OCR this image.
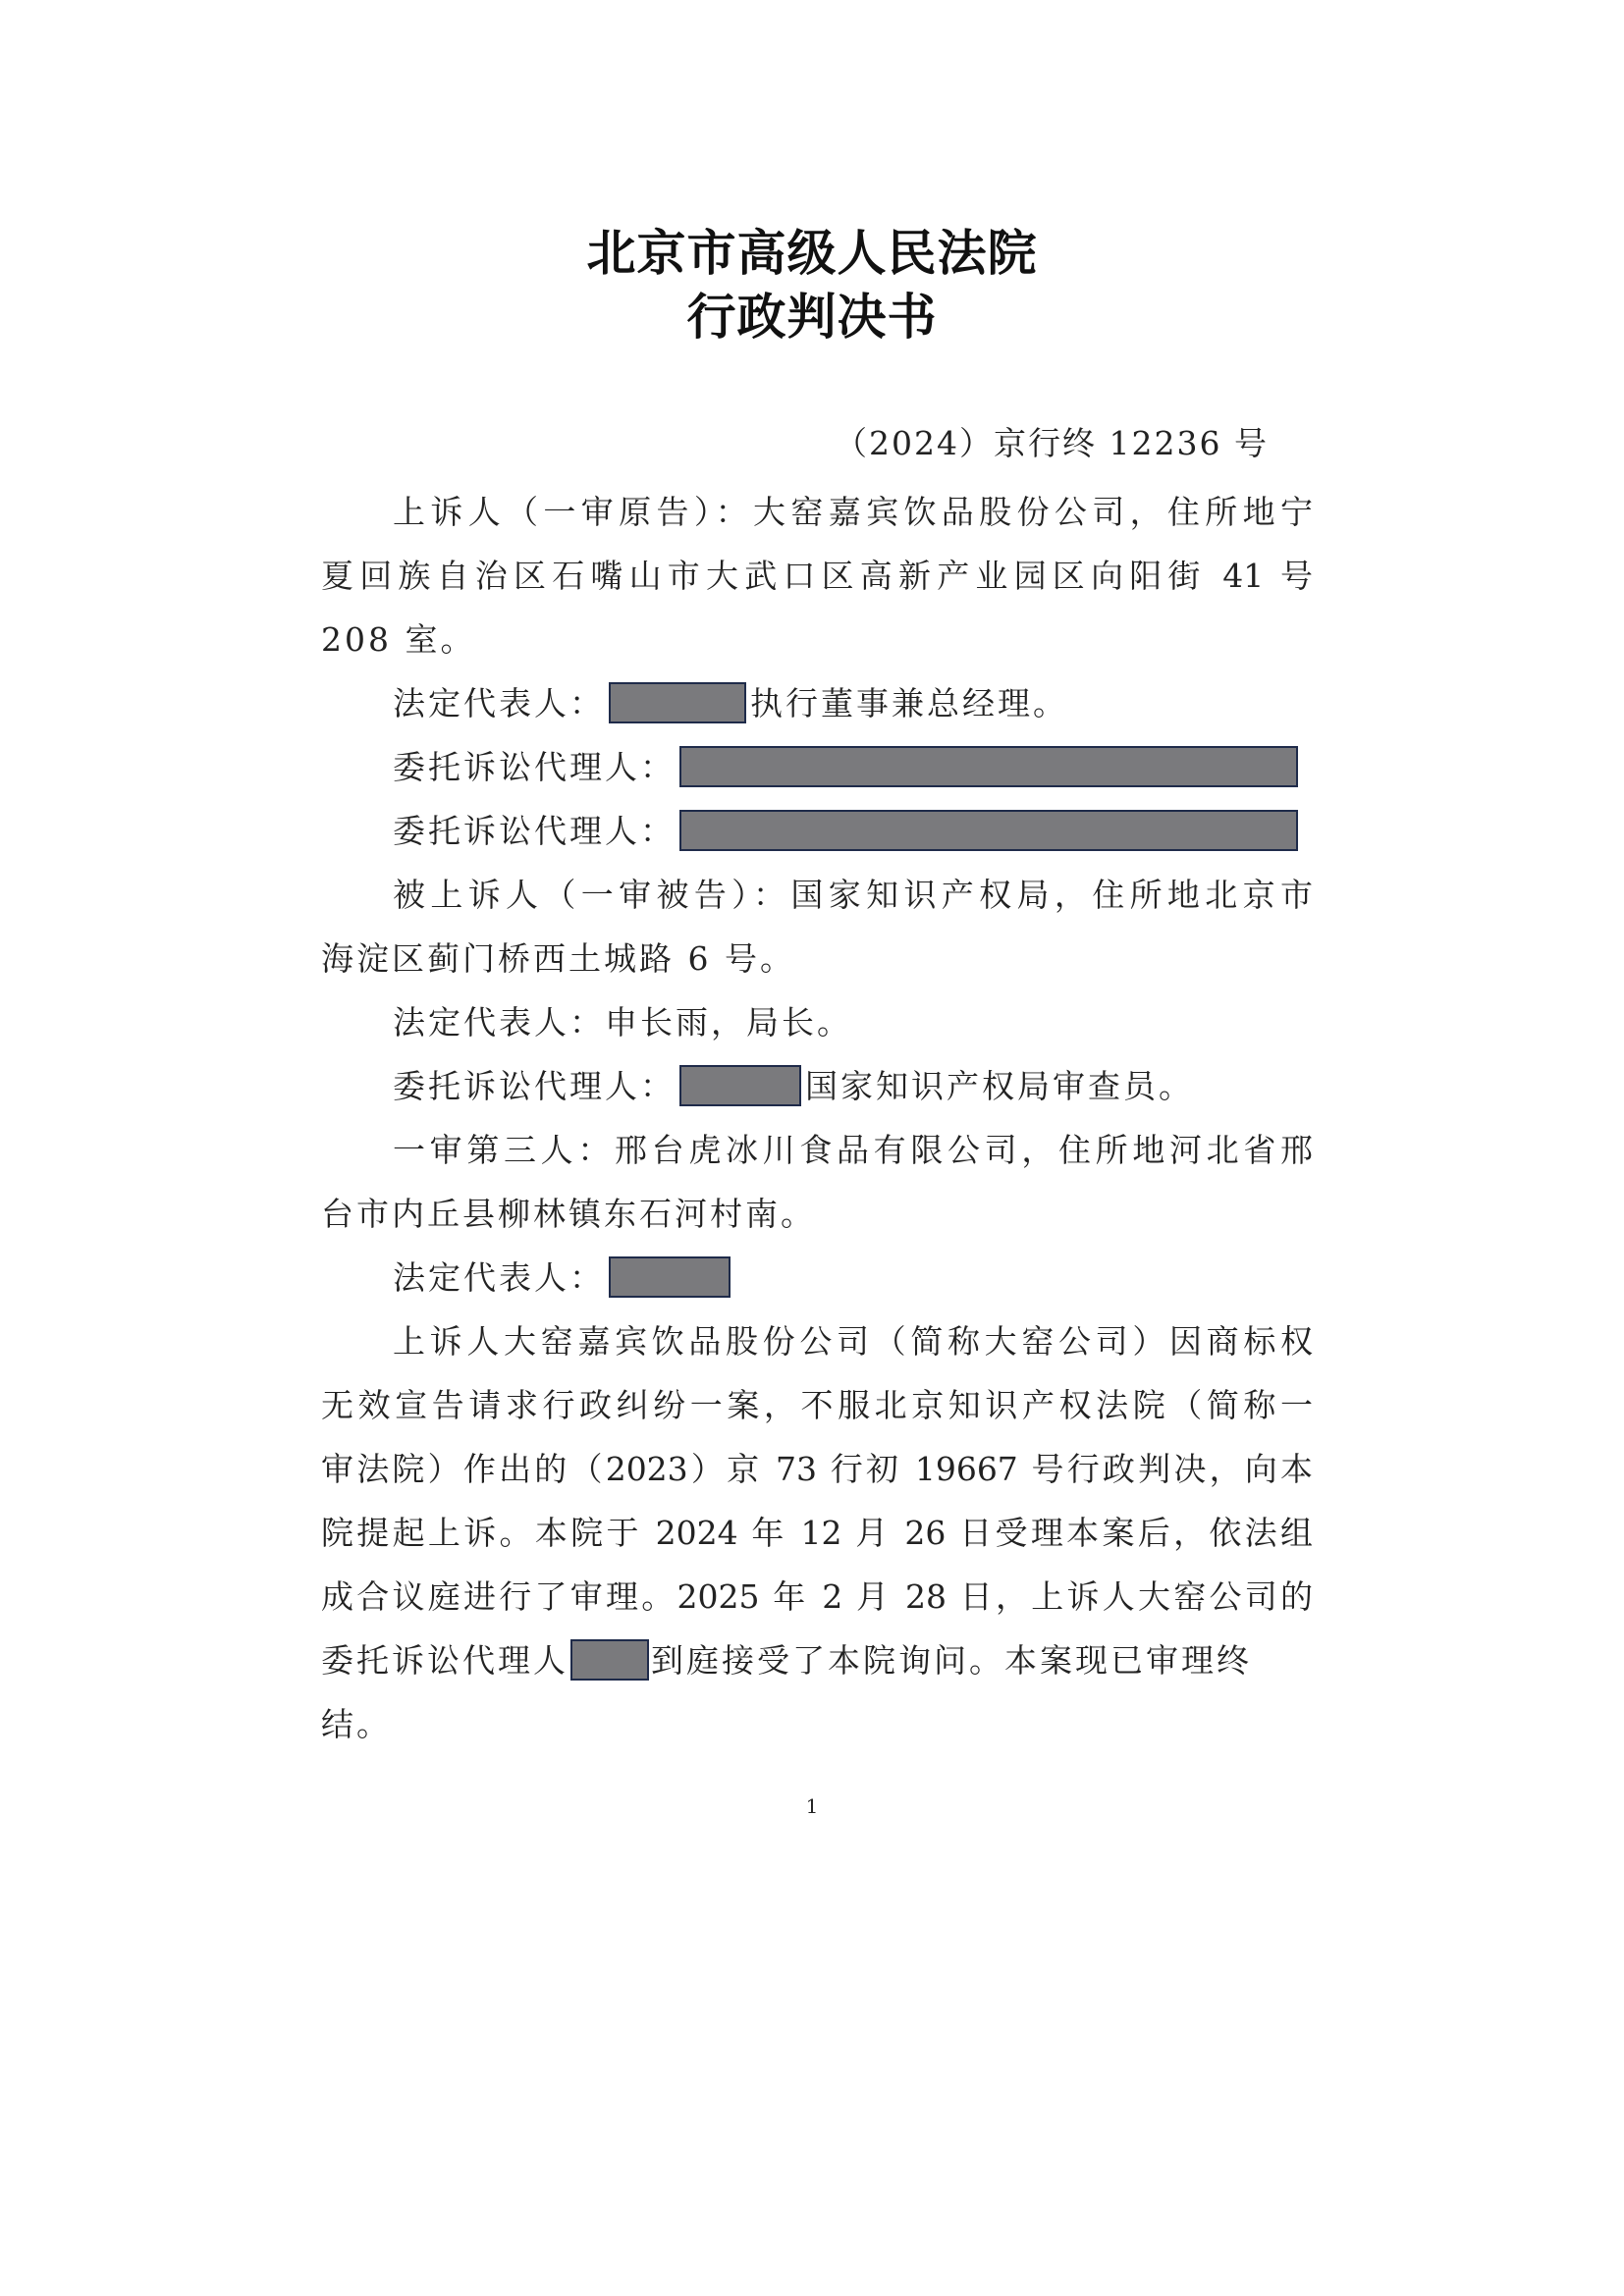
北京市高级人民法院
行政判决书
（2024）京行终 12236 号
上诉人（一审原告）：大窑嘉宾饮品股份公司，住所地宁
夏回族自治区石嘴山市大武口区高新产业园区向阳街 41 号
208 室。
法定代表人：	执行董事兼总经理。
委托诉讼代理人：
委托诉讼代理人：
被上诉人（一审被告）：国家知识产权局，住所地北京市
海淀区蓟门桥西土城路 6 号。
法定代表人：申长雨，局长。
委托诉讼代理人：	国家知识产权局审查员。
一审第三人：邢台虎冰川食品有限公司，住所地河北省邢
台市内丘县柳林镇东石河村南。
法定代表人：
上诉人大窑嘉宾饮品股份公司（简称大窑公司）因商标权
无效宣告请求行政纠纷一案，不服北京知识产权法院（简称一
审法院）作出的（2023）京 73 行初 19667 号行政判决，向本
院提起上诉。本院于 2024 年 12 月 26 日受理本案后，依法组
成合议庭进行了审理。2025 年 2 月 28 日，上诉人大窑公司的
委托诉讼代理人	到庭接受了本院询问。本案现已审理终
结。
1
